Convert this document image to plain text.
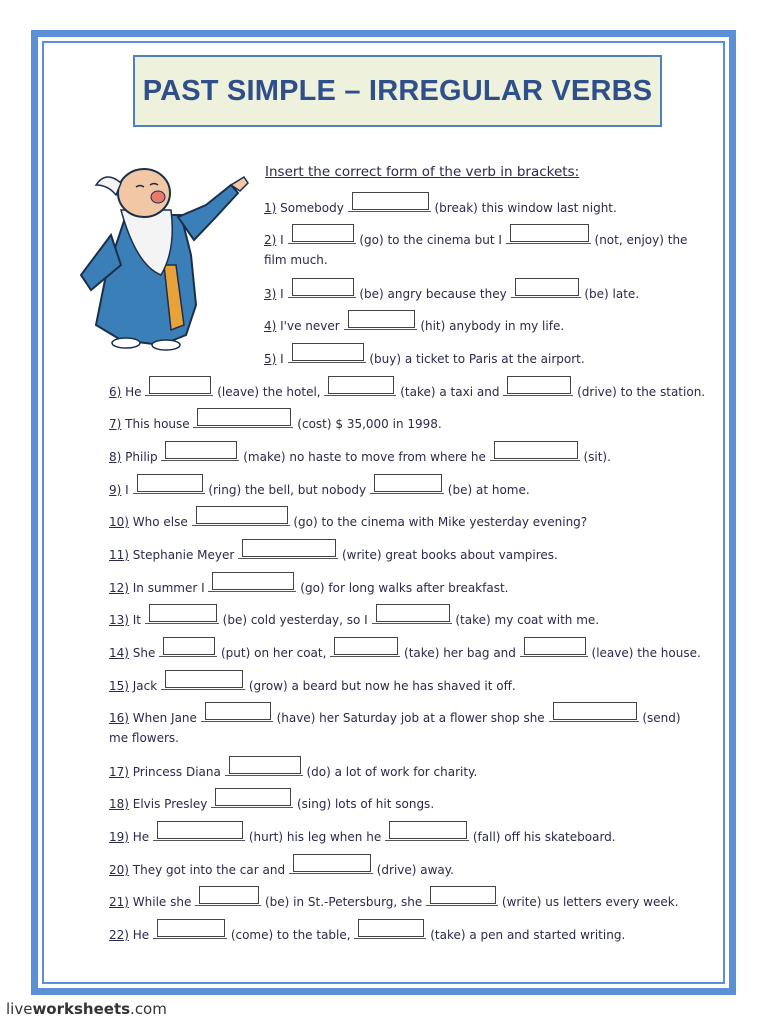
PAST SIMPLE – IRREGULAR VERBS
Insert the correct form of the verb in brackets:
1) Somebody	(break) this window last night.
2) I	(go) to the cinema but I	(not, enjoy) the
film much.
3) I	(be) angry because they	(be) late.
4) I've never	(hit) anybody in my life.
5) I	(buy) a ticket to Paris at the airport.
6) He	(leave) the hotel,	(take) a taxi and	(drive) to the station.
7) This house	(cost) $ 35,000 in 1998.
8) Philip	(make) no haste to move from where he	(sit).
9) I	(ring) the bell, but nobody	(be) at home.
10) Who else	(go) to the cinema with Mike yesterday evening?
11) Stephanie Meyer	(write) great books about vampires.
12) In summer I	(go) for long walks after breakfast.
13) It	(be) cold yesterday, so I	(take) my coat with me.
14) She	(put) on her coat,	(take) her bag and	(leave) the house.
15) Jack	(grow) a beard but now he has shaved it off.
16) When Jane	(have) her Saturday job at a flower shop she	(send)
me flowers.
17) Princess Diana	(do) a lot of work for charity.
18) Elvis Presley	(sing) lots of hit songs.
19) He	(hurt) his leg when he	(fall) off his skateboard.
20) They got into the car and	(drive) away.
21) While she	(be) in St.-Petersburg, she	(write) us letters every week.
22) He	(come) to the table,	(take) a pen and started writing.
liveworksheets.com
